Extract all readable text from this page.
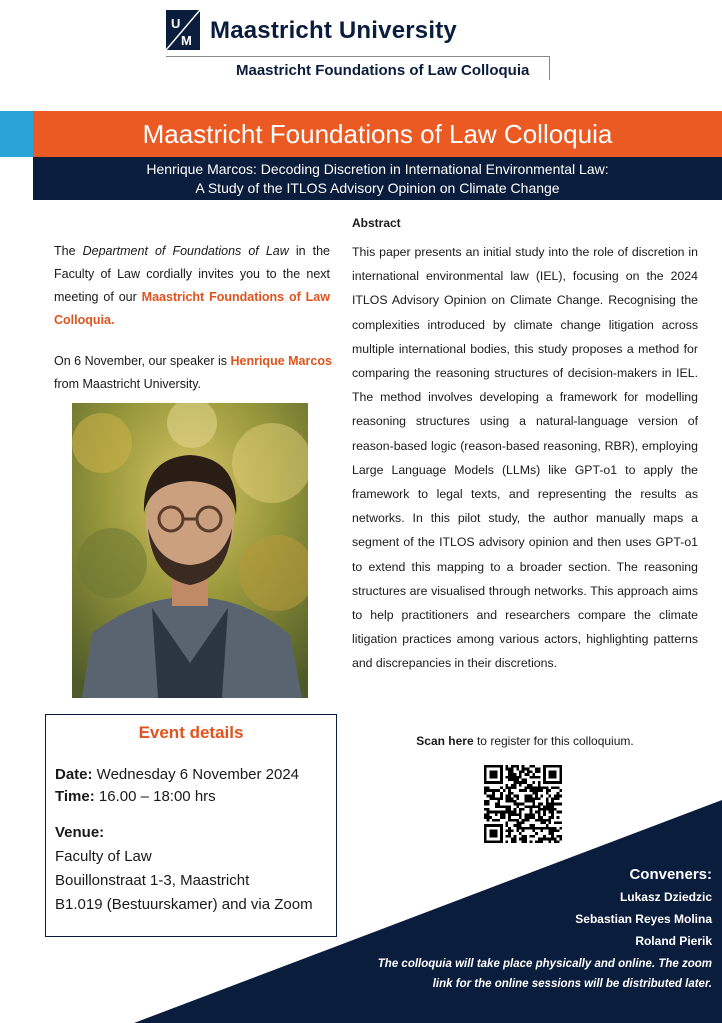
U
M Maastricht University
Maastricht Foundations of Law Colloquia
Maastricht Foundations of Law Colloquia
Henrique Marcos: Decoding Discretion in International Environmental Law:
A Study of the ITLOS Advisory Opinion on Climate Change

The Department of Foundations of Law in the Faculty of Law cordially invites you to the next meeting of our Maastricht Foundations of Law Colloquia.

On 6 November, our speaker is Henrique Marcos
from Maastricht University.
Event details
Date: Wednesday 6 November 2024
Time: 16.00 – 18:00 hrs
Venue:
Faculty of Law
Bouillonstraat 1-3, Maastricht
B1.019 (Bestuurskamer) and via Zoom
Abstract
This paper presents an initial study into the role of discretion in international environmental law (IEL), focusing on the 2024 ITLOS Advisory Opinion on Climate Change. Recognising the complexities introduced by climate change litigation across multiple international bodies, this study proposes a method for comparing the reasoning structures of decision-makers in IEL. The method involves developing a framework for modelling reasoning structures using a natural-language version of reason-based logic (reason-based reasoning, RBR), employing Large Language Models (LLMs) like GPT-o1 to apply the framework to legal texts, and representing the results as networks. In this pilot study, the author manually maps a segment of the ITLOS advisory opinion and then uses GPT-o1 to extend this mapping to a broader section. The reasoning structures are visualised through networks. This approach aims to help practitioners and researchers compare the climate litigation practices among various actors, highlighting patterns and discrepancies in their discretions.
Scan here to register for this colloquium.
Conveners:
Lukasz Dziedzic
Sebastian Reyes Molina
Roland Pierik
The colloquia will take place physically and online. The zoom
link for the online sessions will be distributed later.
